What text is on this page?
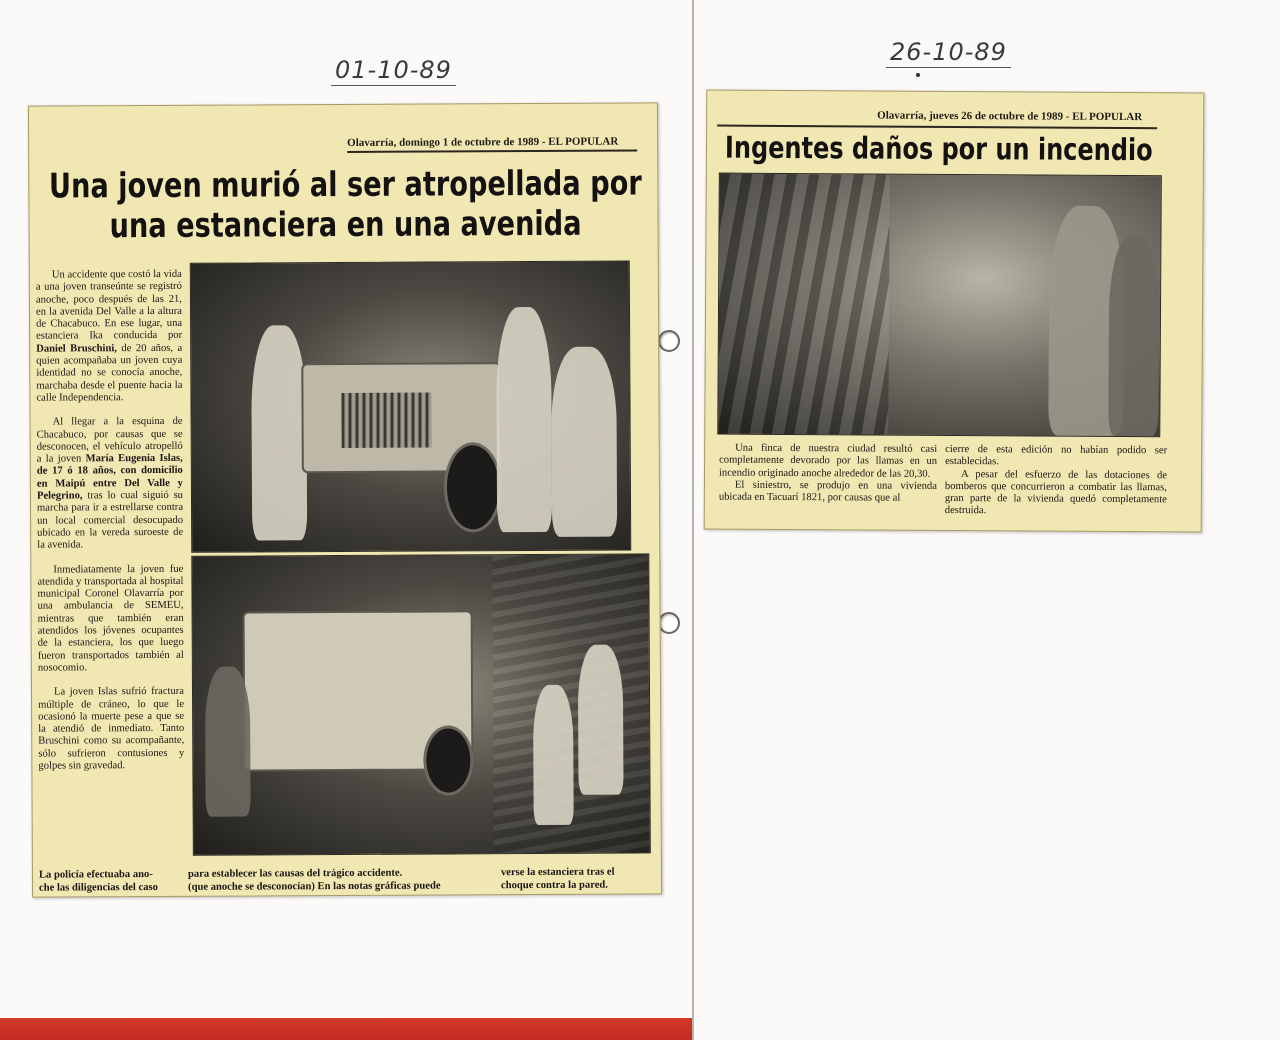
01-10-89
Olavarría, domingo 1 de octubre de 1989 - EL POPULAR
Una joven murió al ser atropellada por
una estanciera en una avenida

Un accidente que costó la vida a una joven transeúnte se registró anoche, poco después de las 21, en la avenida Del Valle a la altura de Chacabuco. En ese lugar, una estanciera Ika conducida por Daniel Bruschini, de 20 años, a quien acompañaba un joven cuya identidad no se conocía anoche, marchaba desde el puente hacia la calle Independencia.

Al llegar a la esquina de Chacabuco, por causas que se desconocen, el vehículo atropelló a la joven María Eugenia Islas, de 17 ó 18 años, con domicilio en Maipú entre Del Valle y Pelegrino, tras lo cual siguió su marcha para ir a estrellarse contra un local comercial desocupado ubicado en la vereda suroeste de la avenida.

Inmediatamente la joven fue atendida y transportada al hospital municipal Coronel Olavarría por una ambulancia de SEMEU, mientras que también eran atendidos los jóvenes ocupantes de la estanciera, los que luego fueron transportados también al nosocomio.

La joven Islas sufrió fractura múltiple de cráneo, lo que le ocasionó la muerte pese a que se la atendió de inmediato. Tanto Bruschini como su acompañante, sólo sufrieron contusiones y golpes sin gravedad.

La policía efectuaba ano-
che las diligencias del caso
para establecer las causas del trágico accidente.
(que anoche se desconocían) En las notas gráficas puede
verse la estanciera tras el
choque contra la pared.
26-10-89
Olavarría, jueves 26 de octubre de 1989 - EL POPULAR
Ingentes daños por un incendio

Una finca de nuestra ciudad resultó casi completamente devorado por las llamas en un incendio originado anoche alrededor de las 20,30.

El siniestro, se produjo en una vivienda ubicada en Tacuarí 1821, por causas que al

cierre de esta edición no habían podido ser establecidas.

A pesar del esfuerzo de las dotaciones de bomberos que concurrieron a combatir las llamas, gran parte de la vivienda quedó completamente destruida.
